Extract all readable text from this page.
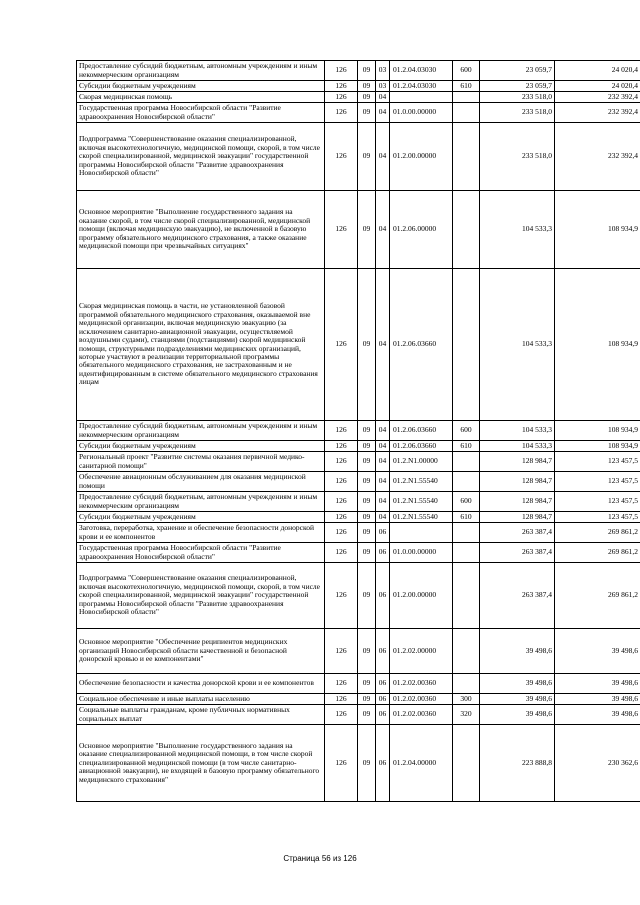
Предоставление субсидий бюджетным, автономным учреждениям и иным некоммерческим организациям	126	09	03	01.2.04.03030	600	23 059,7	24 020,4
Субсидии бюджетным учреждениям	126	09	03	01.2.04.03030	610	23 059,7	24 020,4
Скорая медицинская помощь	126	09	04			233 518,0	232 392,4
Государственная программа Новосибирской области "Развитие здравоохранения Новосибирской области"	126	09	04	01.0.00.00000		233 518,0	232 392,4
Подпрограмма "Совершенствование оказания специализированной, включая высокотехнологичную, медицинской помощи, скорой, в том числе скорой специализированной, медицинской эвакуации" государственной программы Новосибирской области "Развитие здравоохранения Новосибирской области"	126	09	04	01.2.00.00000		233 518,0	232 392,4
Основное мероприятие "Выполнение государственного задания на оказание скорой, в том числе скорой специализированной, медицинской помощи (включая медицинскую эвакуацию), не включенной в базовую программу обязательного медицинского страхования, а также оказание медицинской помощи при чрезвычайных ситуациях"	126	09	04	01.2.06.00000		104 533,3	108 934,9
Скорая медицинская помощь в части, не установленной базовой программой обязательного медицинского страхования, оказываемой вне медицинской организации, включая медицинскую эвакуацию (за исключением санитарно-авиационной эвакуации, осуществляемой воздушными судами), станциями (подстанциями) скорой медицинской помощи, структурными подразделениями медицинских организаций, которые участвуют в реализации территориальной программы обязательного медицинского страхования, не застрахованным и не идентифицированным в системе обязательного медицинского страхования лицам	126	09	04	01.2.06.03660		104 533,3	108 934,9
Предоставление субсидий бюджетным, автономным учреждениям и иным некоммерческим организациям	126	09	04	01.2.06.03660	600	104 533,3	108 934,9
Субсидии бюджетным учреждениям	126	09	04	01.2.06.03660	610	104 533,3	108 934,9
Региональный проект "Развитие системы оказания первичной медико-санитарной помощи"	126	09	04	01.2.N1.00000		128 984,7	123 457,5
Обеспечение авиационным обслуживанием для оказания медицинской помощи	126	09	04	01.2.N1.55540		128 984,7	123 457,5
Предоставление субсидий бюджетным, автономным учреждениям и иным некоммерческим организациям	126	09	04	01.2.N1.55540	600	128 984,7	123 457,5
Субсидии бюджетным учреждениям	126	09	04	01.2.N1.55540	610	128 984,7	123 457,5
Заготовка, переработка, хранение и обеспечение безопасности донорской крови и ее компонентов	126	09	06			263 387,4	269 861,2
Государственная программа Новосибирской области "Развитие здравоохранения Новосибирской области"	126	09	06	01.0.00.00000		263 387,4	269 861,2
Подпрограмма "Совершенствование оказания специализированной, включая высокотехнологичную, медицинской помощи, скорой, в том числе скорой специализированной, медицинской эвакуации" государственной программы Новосибирской области "Развитие здравоохранения Новосибирской области"	126	09	06	01.2.00.00000		263 387,4	269 861,2
Основное мероприятие "Обеспечение реципиентов медицинских организаций Новосибирской области качественной и безопасной донорской кровью и ее компонентами"	126	09	06	01.2.02.00000		39 498,6	39 498,6
Обеспечение безопасности и качества донорской крови и ее компонентов	126	09	06	01.2.02.00360		39 498,6	39 498,6
Социальное обеспечение и иные выплаты населению	126	09	06	01.2.02.00360	300	39 498,6	39 498,6
Социальные выплаты гражданам, кроме публичных нормативных социальных выплат	126	09	06	01.2.02.00360	320	39 498,6	39 498,6
Основное мероприятие "Выполнение государственного задания на оказание специализированной медицинской помощи, в том числе скорой специализированной медицинской помощи (в том числе санитарно-авиационной эвакуации), не входящей в базовую программу обязательного медицинского страхования"	126	09	06	01.2.04.00000		223 888,8	230 362,6
Страница 56 из 126
